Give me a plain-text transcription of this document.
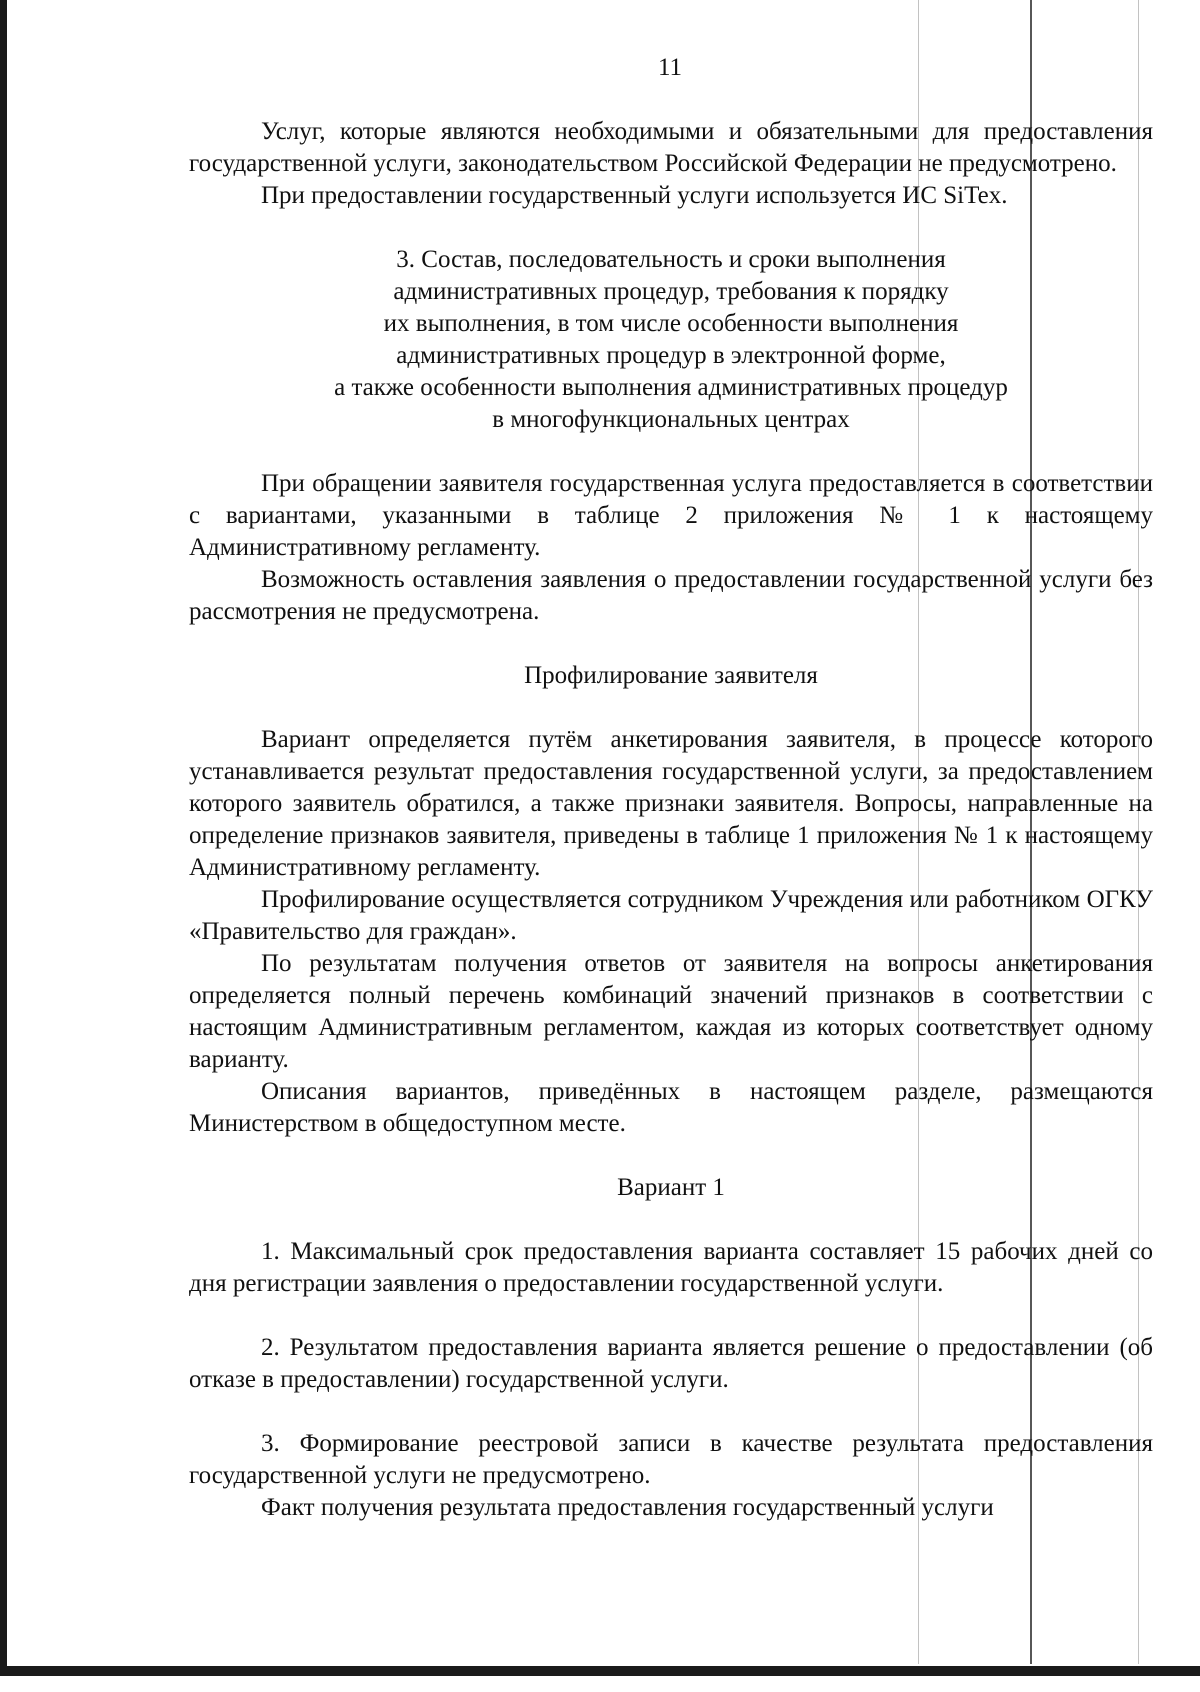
11

Услуг, которые являются необходимыми и обязательными для предоставления государственной услуги, законодательством Российской Федерации не предусмотрено.

При предоставлении государственный услуги используется ИС SiTex.

3. Состав, последовательность и сроки выполнения

административных процедур, требования к порядку

их выполнения, в том числе особенности выполнения

административных процедур в электронной форме,

а также особенности выполнения административных процедур

в многофункциональных центрах

При обращении заявителя государственная услуга предоставляется в соответствии с вариантами, указанными в таблице 2 приложения № 1 к настоящему Административному регламенту.

Возможность оставления заявления о предоставлении государственной услуги без рассмотрения не предусмотрена.

Профилирование заявителя

Вариант определяется путём анкетирования заявителя, в процессе которого устанавливается результат предоставления государственной услуги, за предоставлением которого заявитель обратился, а также признаки заявителя. Вопросы, направленные на определение признаков заявителя, приведены в таблице 1 приложения № 1 к настоящему Административному регламенту.

Профилирование осуществляется сотрудником Учреждения или работником ОГКУ «Правительство для граждан».

По результатам получения ответов от заявителя на вопросы анкетирования определяется полный перечень комбинаций значений признаков в соответствии с настоящим Административным регламентом, каждая из которых соответствует одному варианту.

Описания вариантов, приведённых в настоящем разделе, размещаются Министерством в общедоступном месте.

Вариант 1

1. Максимальный срок предоставления варианта составляет 15 рабочих дней со дня регистрации заявления о предоставлении государственной услуги.

2. Результатом предоставления варианта является решение о предоставлении (об отказе в предоставлении) государственной услуги.

3. Формирование реестровой записи в качестве результата предоставления государственной услуги не предусмотрено.

Факт получения результата предоставления государственный услуги
